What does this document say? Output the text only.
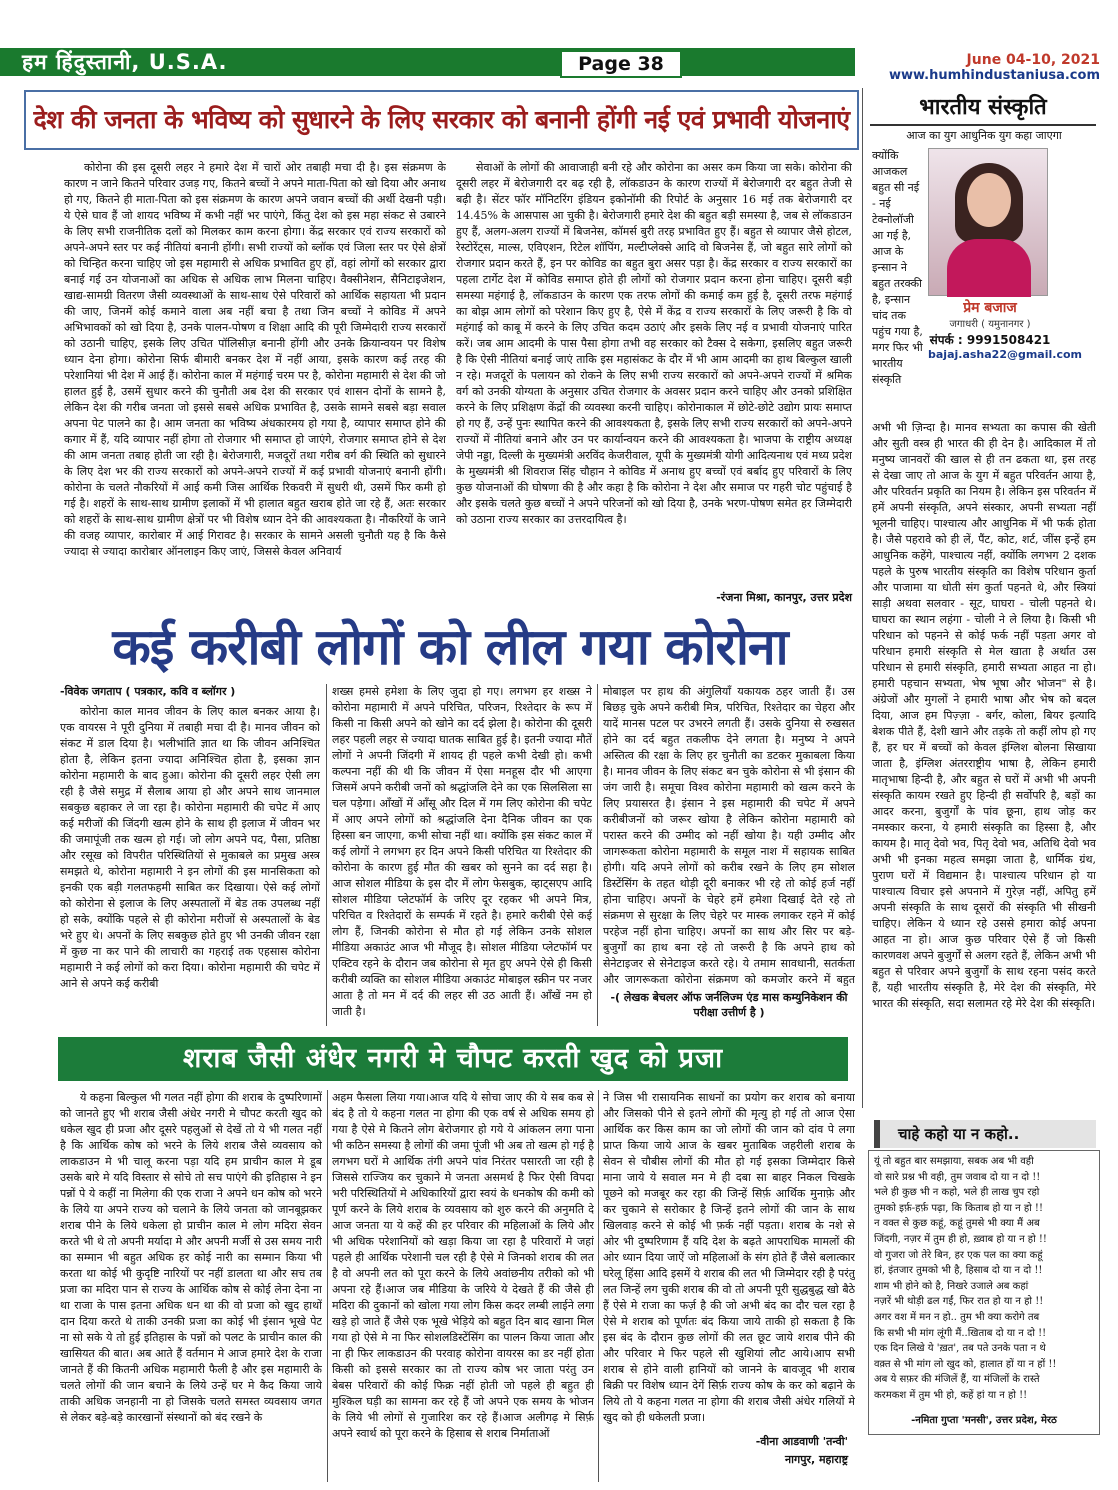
हम हिंदुस्तानी, U.S.A.	Page 38	June 04-10, 2021
www.humhindustaniusa.com
देश की जनता के भविष्य को सुधारने के लिए सरकार को बनानी होंगी नई एवं प्रभावी योजनाएं

कोरोना की इस दूसरी लहर ने हमारे देश में चारों ओर तबाही मचा दी है। इस संक्रमण के कारण न जाने कितने परिवार उजड़ गए, कितने बच्चों ने अपने माता-पिता को खो दिया और अनाथ हो गए, कितने ही माता-पिता को इस संक्रमण के कारण अपने जवान बच्चों की अर्थी देखनी पड़ी। ये ऐसे घाव हैं जो शायद भविष्य में कभी नहीं भर पाएंगे, किंतु देश को इस महा संकट से उबारने के लिए सभी राजनीतिक दलों को मिलकर काम करना होगा। केंद्र सरकार एवं राज्य सरकारों को अपने-अपने स्तर पर कई नीतियां बनानी होंगी। सभी राज्यों को ब्लॉक एवं जिला स्तर पर ऐसे क्षेत्रों को चिन्हित करना चाहिए जो इस महामारी से अधिक प्रभावित हुए हों, वहां लोगों को सरकार द्वारा बनाई गई उन योजनाओं का अधिक से अधिक लाभ मिलना चाहिए। वैक्सीनेशन, सैनिटाइजेशन, खाद्य-सामग्री वितरण जैसी व्यवस्थाओं के साथ-साथ ऐसे परिवारों को आर्थिक सहायता भी प्रदान की जाए, जिनमें कोई कमाने वाला अब नहीं बचा है तथा जिन बच्चों ने कोविड में अपने अभिभावकों को खो दिया है, उनके पालन-पोषण व शिक्षा आदि की पूरी जिम्मेदारी राज्य सरकारों को उठानी चाहिए, इसके लिए उचित पॉलिसीज़ बनानी होंगी और उनके क्रियान्वयन पर विशेष ध्यान देना होगा। कोरोना सिर्फ बीमारी बनकर देश में नहीं आया, इसके कारण कई तरह की परेशानियां भी देश में आई हैं। कोरोना काल में महंगाई चरम पर है, कोरोना महामारी से देश की जो हालत हुई है, उसमें सुधार करने की चुनौती अब देश की सरकार एवं शासन दोनों के सामने है, लेकिन देश की गरीब जनता जो इससे सबसे अधिक प्रभावित है, उसके सामने सबसे बड़ा सवाल अपना पेट पालने का है। आम जनता का भविष्य अंधकारमय हो गया है, व्यापार समाप्त होने की कगार में हैं, यदि व्यापार नहीं होगा तो रोजगार भी समाप्त हो जाएंगे, रोजगार समाप्त होने से देश की आम जनता तबाह होती जा रही है। बेरोजगारी, मजदूरों तथा गरीब वर्ग की स्थिति को सुधारने के लिए देश भर की राज्य सरकारों को अपने-अपने राज्यों में कई प्रभावी योजनाएं बनानी होंगी। कोरोना के चलते नौकरियों में आई कमी जिस आर्थिक रिकवरी में सुधरी थी, उसमें फिर कमी हो गई है। शहरों के साथ-साथ ग्रामीण इलाकों में भी हालात बहुत खराब होते जा रहे हैं, अतः सरकार को शहरों के साथ-साथ ग्रामीण क्षेत्रों पर भी विशेष ध्यान देने की आवश्यकता है। नौकरियों के जाने की वजह व्यापार, कारोबार में आई गिरावट है। सरकार के सामने असली चुनौती यह है कि कैसे ज्यादा से ज्यादा कारोबार ऑनलाइन किए जाएं, जिससे केवल अनिवार्य

सेवाओं के लोगों की आवाजाही बनी रहे और कोरोना का असर कम किया जा सके। कोरोना की दूसरी लहर में बेरोजगारी दर बढ़ रही है, लॉकडाउन के कारण राज्यों में बेरोजगारी दर बहुत तेजी से बढ़ी है। सेंटर फॉर मॉनिटरिंग इंडियन इकोनॉमी की रिपोर्ट के अनुसार 16 मई तक बेरोजगारी दर 14.45% के आसपास आ चुकी है। बेरोजगारी हमारे देश की बहुत बड़ी समस्या है, जब से लॉकडाउन हुए हैं, अलग-अलग राज्यों में बिजनेस, कॉमर्स बुरी तरह प्रभावित हुए हैं। बहुत से व्यापार जैसे होटल, रेस्टोरेंट्स, माल्स, एविएशन, रिटेल शॉपिंग, मल्टीप्लेक्से आदि वो बिजनेस हैं, जो बहुत सारे लोगों को रोजगार प्रदान करते हैं, इन पर कोविड का बहुत बुरा असर पड़ा है। केंद्र सरकार व राज्य सरकारों का पहला टार्गेट देश में कोविड समाप्त होते ही लोगों को रोजगार प्रदान करना होना चाहिए। दूसरी बड़ी समस्या महंगाई है, लॉकडाउन के कारण एक तरफ लोगों की कमाई कम हुई है, दूसरी तरफ महंगाई का बोझ आम लोगों को परेशान किए हुए है, ऐसे में केंद्र व राज्य सरकारों के लिए जरूरी है कि वो महंगाई को काबू में करने के लिए उचित कदम उठाएं और इसके लिए नई व प्रभावी योजनाएं पारित करें। जब आम आदमी के पास पैसा होगा तभी वह सरकार को टैक्स दे सकेगा, इसलिए बहुत जरूरी है कि ऐसी नीतियां बनाई जाएं ताकि इस महासंकट के दौर में भी आम आदमी का हाथ बिल्कुल खाली न रहे। मजदूरों के पलायन को रोकने के लिए सभी राज्य सरकारों को अपने-अपने राज्यों में श्रमिक वर्ग को उनकी योग्यता के अनुसार उचित रोजगार के अवसर प्रदान करने चाहिए और उनको प्रशिक्षित करने के लिए प्रशिक्षण केंद्रों की व्यवस्था करनी चाहिए। कोरोनाकाल में छोटे-छोटे उद्योग प्रायः समाप्त हो गए हैं, उन्हें पुनः स्थापित करने की आवश्यकता है, इसके लिए सभी राज्य सरकारों को अपने-अपने राज्यों में नीतियां बनाने और उन पर कार्यान्वयन करने की आवश्यकता है। भाजपा के राष्ट्रीय अध्यक्ष जेपी नड्डा, दिल्ली के मुख्यमंत्री अरविंद केजरीवाल, यूपी के मुख्यमंत्री योगी आदित्यनाथ एवं मध्य प्रदेश के मुख्यमंत्री श्री शिवराज सिंह चौहान ने कोविड में अनाथ हुए बच्चों एवं बर्बाद हुए परिवारों के लिए कुछ योजनाओं की घोषणा की है और कहा है कि कोरोना ने देश और समाज पर गहरी चोट पहुंचाई है और इसके चलते कुछ बच्चों ने अपने परिजनों को खो दिया है, उनके भरण-पोषण समेत हर जिम्मेदारी को उठाना राज्य सरकार का उत्तरदायित्व है।

-रंजना मिश्रा, कानपुर, उत्तर प्रदेश
भारतीय संस्कृति
आज का युग आधुनिक युग कहा जाएगा
क्योंकि आजकल बहुत सी नई - नई टेक्नोलॉजी आ गई है, आज के इन्सान ने बहुत तरक्की है, इन्सान चांद तक पहुंच गया है, मगर फिर भी भारतीय संस्कृति
प्रेम बजाज
जगाधरी ( यमुनानगर )
संपर्क : 9991508421
bajaj.asha22@gmail.com

अभी भी ज़िन्दा है। मानव सभ्यता का कपास की खेती और सुती वस्त्र ही भारत की ही देन है। आदिकाल में तो मनुष्य जानवरों की खाल से ही तन ढकता था, इस तरह से देखा जाए तो आज के युग में बहुत परिवर्तन आया है, और परिवर्तन प्रकृति का नियम है। लेकिन इस परिवर्तन में हमें अपनी संस्कृति, अपने संस्कार, अपनी सभ्यता नहीं भूलनी चाहिए। पाश्चात्य और आधुनिक में भी फर्क होता है। जैसे पहरावे को ही लें, पैंट, कोट, शर्ट, जींस इन्हें हम आधुनिक कहेंगे, पाश्चात्य नहीं, क्योंकि लगभग 2 दशक पहले के पुरुष भारतीय संस्कृति का विशेष परिधान कुर्ता और पाजामा या धोती संग कुर्ता पहनते थे, और स्त्रियां साड़ी अथवा सलवार - सूट, घाघरा - चोली पहनते थे। घाघरा का स्थान लहंगा - चोली ने ले लिया है। किसी भी परिधान को पहनने से कोई फर्क नहीं पड़ता अगर वो परिधान हमारी संस्कृति से मेल खाता है अर्थात उस परिधान से हमारी संस्कृति, हमारी सभ्यता आहत ना हो। हमारी पहचान सभ्यता, भेष भूषा और भोजन" से है। अंग्रेजों और मुगलों ने हमारी भाषा और भेष को बदल दिया, आज हम पिज़्ज़ा - बर्गर, कोला, बियर इत्यादि बेशक पीते हैं, देशी खाने और तड़के तो कहीं लोप हो गए हैं, हर घर में बच्चों को केवल इंग्लिश बोलना सिखाया जाता है, इंग्लिश अंतरराष्ट्रीय भाषा है, लेकिन हमारी मातृभाषा हिन्दी है, और बहुत से घरों में अभी भी अपनी संस्कृति कायम रखते हुए हिन्दी ही सर्वोपरि है, बड़ों का आदर करना, बुजुर्गों के पांव छूना, हाथ जोड़ कर नमस्कार करना, ये हमारी संस्कृति का हिस्सा है, और कायम है। मातृ देवो भव, पितृ देवो भव, अतिथि देवो भव अभी भी इनका महत्व समझा जाता है, धार्मिक ग्रंथ, पुराण घरों में विद्यमान है। पाश्चात्य परिधान हो या पाश्चात्य विचार इसे अपनाने में गुरेज़ नहीं, अपितु हमें अपनी संस्कृति के साथ दूसरों की संस्कृति भी सीखनी चाहिए। लेकिन ये ध्यान रहे उससे हमारा कोई अपना आहत ना हो। आज कुछ परिवार ऐसे हैं जो किसी कारणवश अपने बुजुर्गों से अलग रहते हैं, लेकिन अभी भी बहुत से परिवार अपने बुजुर्गों के साथ रहना पसंद करते हैं, यही भारतीय संस्कृति है, मेरे देश की संस्कृति, मेरे भारत की संस्कृति, सदा सलामत रहे मेरे देश की संस्कृति।

कई करीबी लोगों को लील गया कोरोना
-विवेक जगताप ( पत्रकार, कवि व ब्लॉगर )

कोरोना काल मानव जीवन के लिए काल बनकर आया है। एक वायरस ने पूरी दुनिया में तबाही मचा दी है। मानव जीवन को संकट में डाल दिया है। भलीभांति ज्ञात था कि जीवन अनिश्चित होता है, लेकिन इतना ज्यादा अनिश्चित होता है, इसका ज्ञान कोरोना महामारी के बाद हुआ। कोरोना की दूसरी लहर ऐसी लग रही है जैसे समुद्र में सैलाब आया हो और अपने साथ जानमाल सबकुछ बहाकर ले जा रहा है। कोरोना महामारी की चपेट में आए कई मरीजों की जिंदगी खत्म होने के साथ ही इलाज में जीवन भर की जमापूंजी तक खत्म हो गई। जो लोग अपने पद, पैसा, प्रतिष्ठा और रसूख को विपरीत परिस्थितियों से मुकाबले का प्रमुख अस्त्र समझते थे, कोरोना महामारी ने इन लोगों की इस मानसिकता को इनकी एक बड़ी गलतफहमी साबित कर दिखाया। ऐसे कई लोगों को कोरोना से इलाज के लिए अस्पतालों में बेड तक उपलब्ध नहीं हो सके, क्योंकि पहले से ही कोरोना मरीजों से अस्पतालों के बेड भरे हुए थे। अपनों के लिए सबकुछ होते हुए भी उनकी जीवन रक्षा में कुछ ना कर पाने की लाचारी का गहराई तक एहसास कोरोना महामारी ने कई लोगों को करा दिया। कोरोना महामारी की चपेट में आने से अपने कई करीबी

शख्स हमसे हमेशा के लिए जुदा हो गए। लगभग हर शख्स ने कोरोना महामारी में अपने परिचित, परिजन, रिश्तेदार के रूप में किसी ना किसी अपने को खोने का दर्द झेला है। कोरोना की दूसरी लहर पहली लहर से ज्यादा घातक साबित हुई है। इतनी ज्यादा मौतें लोगों ने अपनी जिंदगी में शायद ही पहले कभी देखी हो। कभी कल्पना नहीं की थी कि जीवन में ऐसा मनहूस दौर भी आएगा जिसमें अपने करीबी जनों को श्रद्धांजलि देने का एक सिलसिला सा चल पड़ेगा। आँखों में आँसू और दिल में गम लिए कोरोना की चपेट में आए अपने लोगों को श्रद्धांजलि देना दैनिक जीवन का एक हिस्सा बन जाएगा, कभी सोचा नहीं था। क्योंकि इस संकट काल में कई लोगों ने लगभग हर दिन अपने किसी परिचित या रिश्तेदार की कोरोना के कारण हुई मौत की खबर को सुनने का दर्द सहा है। आज सोशल मीडिया के इस दौर में लोग फेसबुक, व्हाट्सएप आदि सोशल मीडिया प्लेटफॉर्म के जरिए दूर रहकर भी अपने मित्र, परिचित व रिश्तेदारों के सम्पर्क में रहते है। हमारे करीबी ऐसे कई लोग हैं, जिनकी कोरोना से मौत हो गई लेकिन उनके सोशल मीडिया अकाउंट आज भी मौजूद है। सोशल मीडिया प्लेटफॉर्म पर एक्टिव रहने के दौरान जब कोरोना से मृत हुए अपने ऐसे ही किसी करीबी व्यक्ति का सोशल मीडिया अकाउंट मोबाइल स्क्रीन पर नजर आता है तो मन में दर्द की लहर सी उठ आती हैं। आँखें नम हो जाती है।

मोबाइल पर हाथ की अंगुलियाँ यकायक ठहर जाती हैं। उस बिछड़ चुके अपने करीबी मित्र, परिचित, रिश्तेदार का चेहरा और यादें मानस पटल पर उभरने लगती हैं। उसके दुनिया से रुखसत होने का दर्द बहुत तकलीफ देने लगता है। मनुष्य ने अपने अस्तित्व की रक्षा के लिए हर चुनौती का डटकर मुकाबला किया है। मानव जीवन के लिए संकट बन चुके कोरोना से भी इंसान की जंग जारी है। समूचा विश्व कोरोना महामारी को खत्म करने के लिए प्रयासरत है। इंसान ने इस महामारी की चपेट में अपने करीबीजनों को जरूर खोया है लेकिन कोरोना महामारी को परास्त करने की उम्मीद को नहीं खोया है। यही उम्मीद और जागरूकता कोरोना महामारी के समूल नाश में सहायक साबित होगी। यदि अपने लोगों को करीब रखने के लिए हम सोशल डिस्टेंसिंग के तहत थोड़ी दूरी बनाकर भी रहे तो कोई हर्ज नहीं होना चाहिए। अपनों के चेहरे हमें हमेशा दिखाई देते रहे तो संक्रमण से सुरक्षा के लिए चेहरे पर मास्क लगाकर रहने में कोई परहेज नहीं होना चाहिए। अपनों का साथ और सिर पर बड़े-बुजुर्गों का हाथ बना रहे तो जरूरी है कि अपने हाथ को सेनेटाइजर से सेनेटाइज करते रहे। ये तमाम सावधानी, सतर्कता और जागरूकता कोरोना संक्रमण को कमजोर करने में बहुत

-( लेखक बेचलर ऑफ जर्नलिज्म एंड मास कम्युनिकेशन की परीक्षा उत्तीर्ण है )
शराब जैसी अंधेर नगरी मे चौपट करती खुद को प्रजा

ये कहना बिल्कुल भी गलत नहीं होगा की शराब के दुष्परिणामों को जानते हुए भी शराब जैसी अंधेर नगरी मे चौपट करती खुद को धकेल खुद ही प्रजा और दूसरे पहलुओं से देखें तो ये भी गलत नहीं है कि आर्थिक कोष को भरने के लिये शराब जैसे व्यवसाय को लाकडाउन मे भी चालू करना पड़ा यदि हम प्राचीन काल मे डूब उसके बारे मे यदि विस्तार से सोचे तो सच पाएंगे की इतिहास ने इन पन्नों पे ये कहीं ना मिलेगा की एक राजा ने अपने धन कोष को भरने के लिये या अपने राज्य को चलाने के लिये जनता को जानबूझकर शराब पीने के लिये धकेला हो प्राचीन काल मे लोग मदिरा सेवन करते भी थे तो अपनी मर्यादा मे और अपनी मर्जी से उस समय नारी का सम्मान भी बहुत अधिक हर कोई नारी का सम्मान किया भी करता था कोई भी कुदृष्टि नारियों पर नहीं डालता था और सच तब प्रजा का मदिरा पान से राज्य के आर्थिक कोष से कोई लेना देना ना था राजा के पास इतना अधिक धन था की वो प्रजा को खुद हाथों दान दिया करते थे ताकी उनकी प्रजा का कोई भी इंसान भूखे पेट ना सो सके ये तो हुई इतिहास के पन्नों को पलट के प्राचीन काल की खासियत की बात। अब आते हैं वर्तमान मे आज हमारे देश के राजा जानते हैं की कितनी अधिक महामारी फैली है और इस महामारी के चलते लोगों की जान बचाने के लिये उन्हें घर मे कैद किया जाये ताकी अधिक जनहानी ना हो जिसके चलते समस्त व्यवसाय जगत से लेकर बड़े-बड़े कारखानों संस्थानों को बंद रखने के

अहम फैसला लिया गया।आज यदि ये सोचा जाए की ये सब कब से बंद है तो ये कहना गलत ना होगा की एक वर्ष से अधिक समय हो गया है ऐसे मे कितने लोग बेरोजगार हो गये ये आंकलन लगा पाना भी कठिन समस्या है लोगों की जमा पूंजी भी अब तो खत्म हो गई है लगभग घरों मे आर्थिक तंगी अपने पांव निरंतर पसारती जा रही है जिससे राज्जिय कर चुकाने मे जनता असमर्थ है फिर ऐसी विपदा भरी परिस्थितियों मे अधिकारियों द्वारा स्वयं के धनकोष की कमी को पूर्ण करने के लिये शराब के व्यवसाय को शुरु करने की अनुमति दे आज जनता या ये कहें की हर परिवार की महिलाओं के लिये और भी अधिक परेशानियों को खड़ा किया जा रहा है परिवारों मे जहां पहले ही आर्थिक परेशानी चल रही है ऐसे मे जिनको शराब की लत है वो अपनी लत को पूरा करने के लिये अवांछनीय तरीको को भी अपना रहे हैं।आज जब मीडिया के जरिये ये देखते हैं की जैसे ही मदिरा की दुकानों को खोला गया लोग किस कदर लम्बी लाईने लगा खड़े हो जाते हैं जैसे एक भूखे भेड़िये को बहुत दिन बाद खाना मिल गया हो ऐसे मे ना फिर सोशलडिस्टेंसिंग का पालन किया जाता और ना ही फिर लाकडाउन की परवाह कोरोना वायरस का डर नहीं होता किसी को इससे सरकार का तो राज्य कोष भर जाता परंतु उन बेबस परिवारों की कोई फिक्र नहीं होती जो पहले ही बहुत ही मुश्किल घड़ी का सामना कर रहे हैं जो अपने एक समय के भोजन के लिये भी लोगों से गुजारिश कर रहे हैं।आज अलीगढ़ मे सिर्फ़ अपने स्वार्थ को पूरा करने के हिसाब से शराब निर्माताओं

ने जिस भी रासायनिक साधनों का प्रयोग कर शराब को बनाया और जिसको पीने से इतने लोगों की मृत्यु हो गई तो आज ऐसा आर्थिक कर किस काम का जो लोगों की जान को दांव पे लगा प्राप्त किया जाये आज के खबर मुताबिक जहरीली शराब के सेवन से चौबीस लोगों की मौत हो गई इसका जिम्मेदार किसे माना जाये ये सवाल मन मे ही दबा सा बाहर निकल चिखके पूछने को मजबूर कर रहा की जिन्हें सिर्फ़ आर्थिक मुनाफ़े और कर चुकाने से सरोकार है जिन्हें इतने लोगों की जान के साथ खिलवाड़ करने से कोई भी फ़र्क नहीं पड़ता। शराब के नशे से ओर भी दुष्परिणाम हैं यदि देश के बढ़ते आपराधिक मामलों की ओर ध्यान दिया जाऐं जो महिलाओं के संग होते हैं जैसे बलात्कार घरेलू हिंसा आदि इसमें ये शराब की लत भी जिम्मेदार रही है परंतु लत जिन्हें लग चुकी शराब की वो तो अपनी पूरी सुद्धबुद्ध खो बैठे हैं ऐसे मे राजा का फर्ज़ है की जो अभी बंद का दौर चल रहा है ऐसे मे शराब को पूर्णतः बंद किया जाये ताकी हो सकता है कि इस बंद के दौरान कुछ लोगों की लत छूट जाये शराब पीने की और परिवार मे फिर पहले सी खुशियां लौट आये।आप सभी शराब से होने वाली हानियों को जानने के बावजूद भी शराब बिक्री पर विशेष ध्यान देगें सिर्फ़ राज्य कोष के कर को बढ़ाने के लिये तो ये कहना गलत ना होगा की शराब जैसी अंधेर गलियों मे खुद को ही धकेलती प्रजा।

-वीना आडवाणी 'तन्वी'
नागपुर, महाराष्ट्र
चाहे कहो या न कहो..
यूं तो बहुत बार समझाया, सबक अब भी वही
वो सारे प्रश्न भी वही, तुम जवाब दो या न दो !!
भले ही कुछ भी न कहो, भले ही लाख चुप रहो
तुमको इर्फ़-हर्फ़ पढ़ा, कि किताब हो या न हो !!
न वक्त से कुछ कहूं, कहूं तुमसे भी क्या मैं अब
जिंदगी, नज़र में तुम ही हो, ख़्वाब हो या न हो !!
वो गुजरा जो तेरे बिन, हर एक पल का क्या कहूं
हां, इंतजार तुमको भी है, हिसाब दो या न दो !!
शाम भी होने को है, निखरे उजाले अब कहां
नज़रें भी थोड़ी ढल गईं, फिर रात हो या न हो !!
अगर वश में मन न हो.. तुम भी क्या करोगे तब
कि सभी भी मांग लूंगी मैं..खिताब दो या न दो !!
एक दिन लिखे ये 'ख़त', तब पते उनके पता न थे
वक़्त से भी मांग लो खुद को, हालात हों या न हों !!
अब ये सफ़र की मंजिलें हैं, या मंजिलों के रास्ते
करमकश में तुम भी हो, कहें हां या न हो !!
-नमिता गुप्ता 'मनसी', उत्तर प्रदेश, मेरठ
